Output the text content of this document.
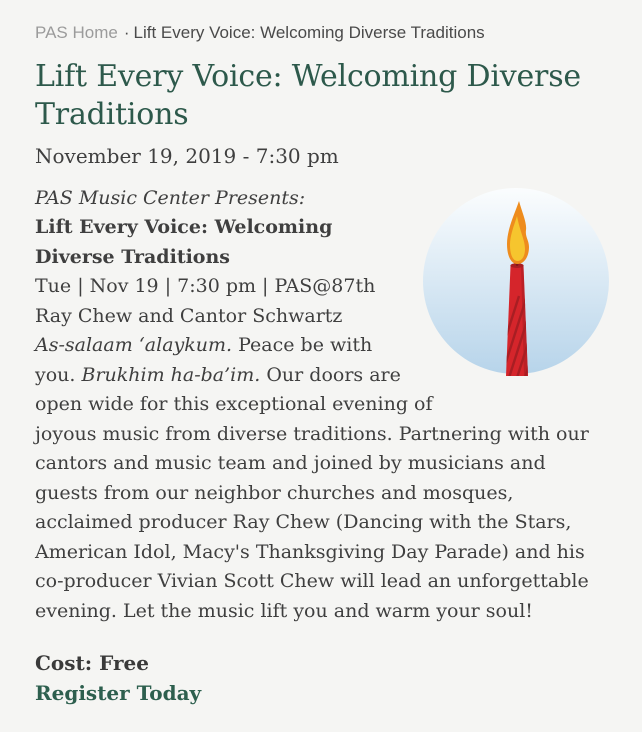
PAS Home · Lift Every Voice: Welcoming Diverse Traditions
Lift Every Voice: Welcoming Diverse Traditions
November 19, 2019 - 7:30 pm

PAS Music Center Presents:
Lift Every Voice: Welcoming Diverse Traditions
Tue | Nov 19 | 7:30 pm | PAS@87th
Ray Chew and Cantor Schwartz
As-salaam ‘alaykum. Peace be with you. Brukhim ha-ba’im. Our doors are open wide for this exceptional evening of joyous music from diverse traditions. Partnering with our cantors and music team and joined by musicians and guests from our neighbor churches and mosques, acclaimed producer Ray Chew (Dancing with the Stars, American Idol, Macy's Thanksgiving Day Parade) and his co-producer Vivian Scott Chew will lead an unforgettable evening. Let the music lift you and warm your soul!

Cost: Free
Register Today
